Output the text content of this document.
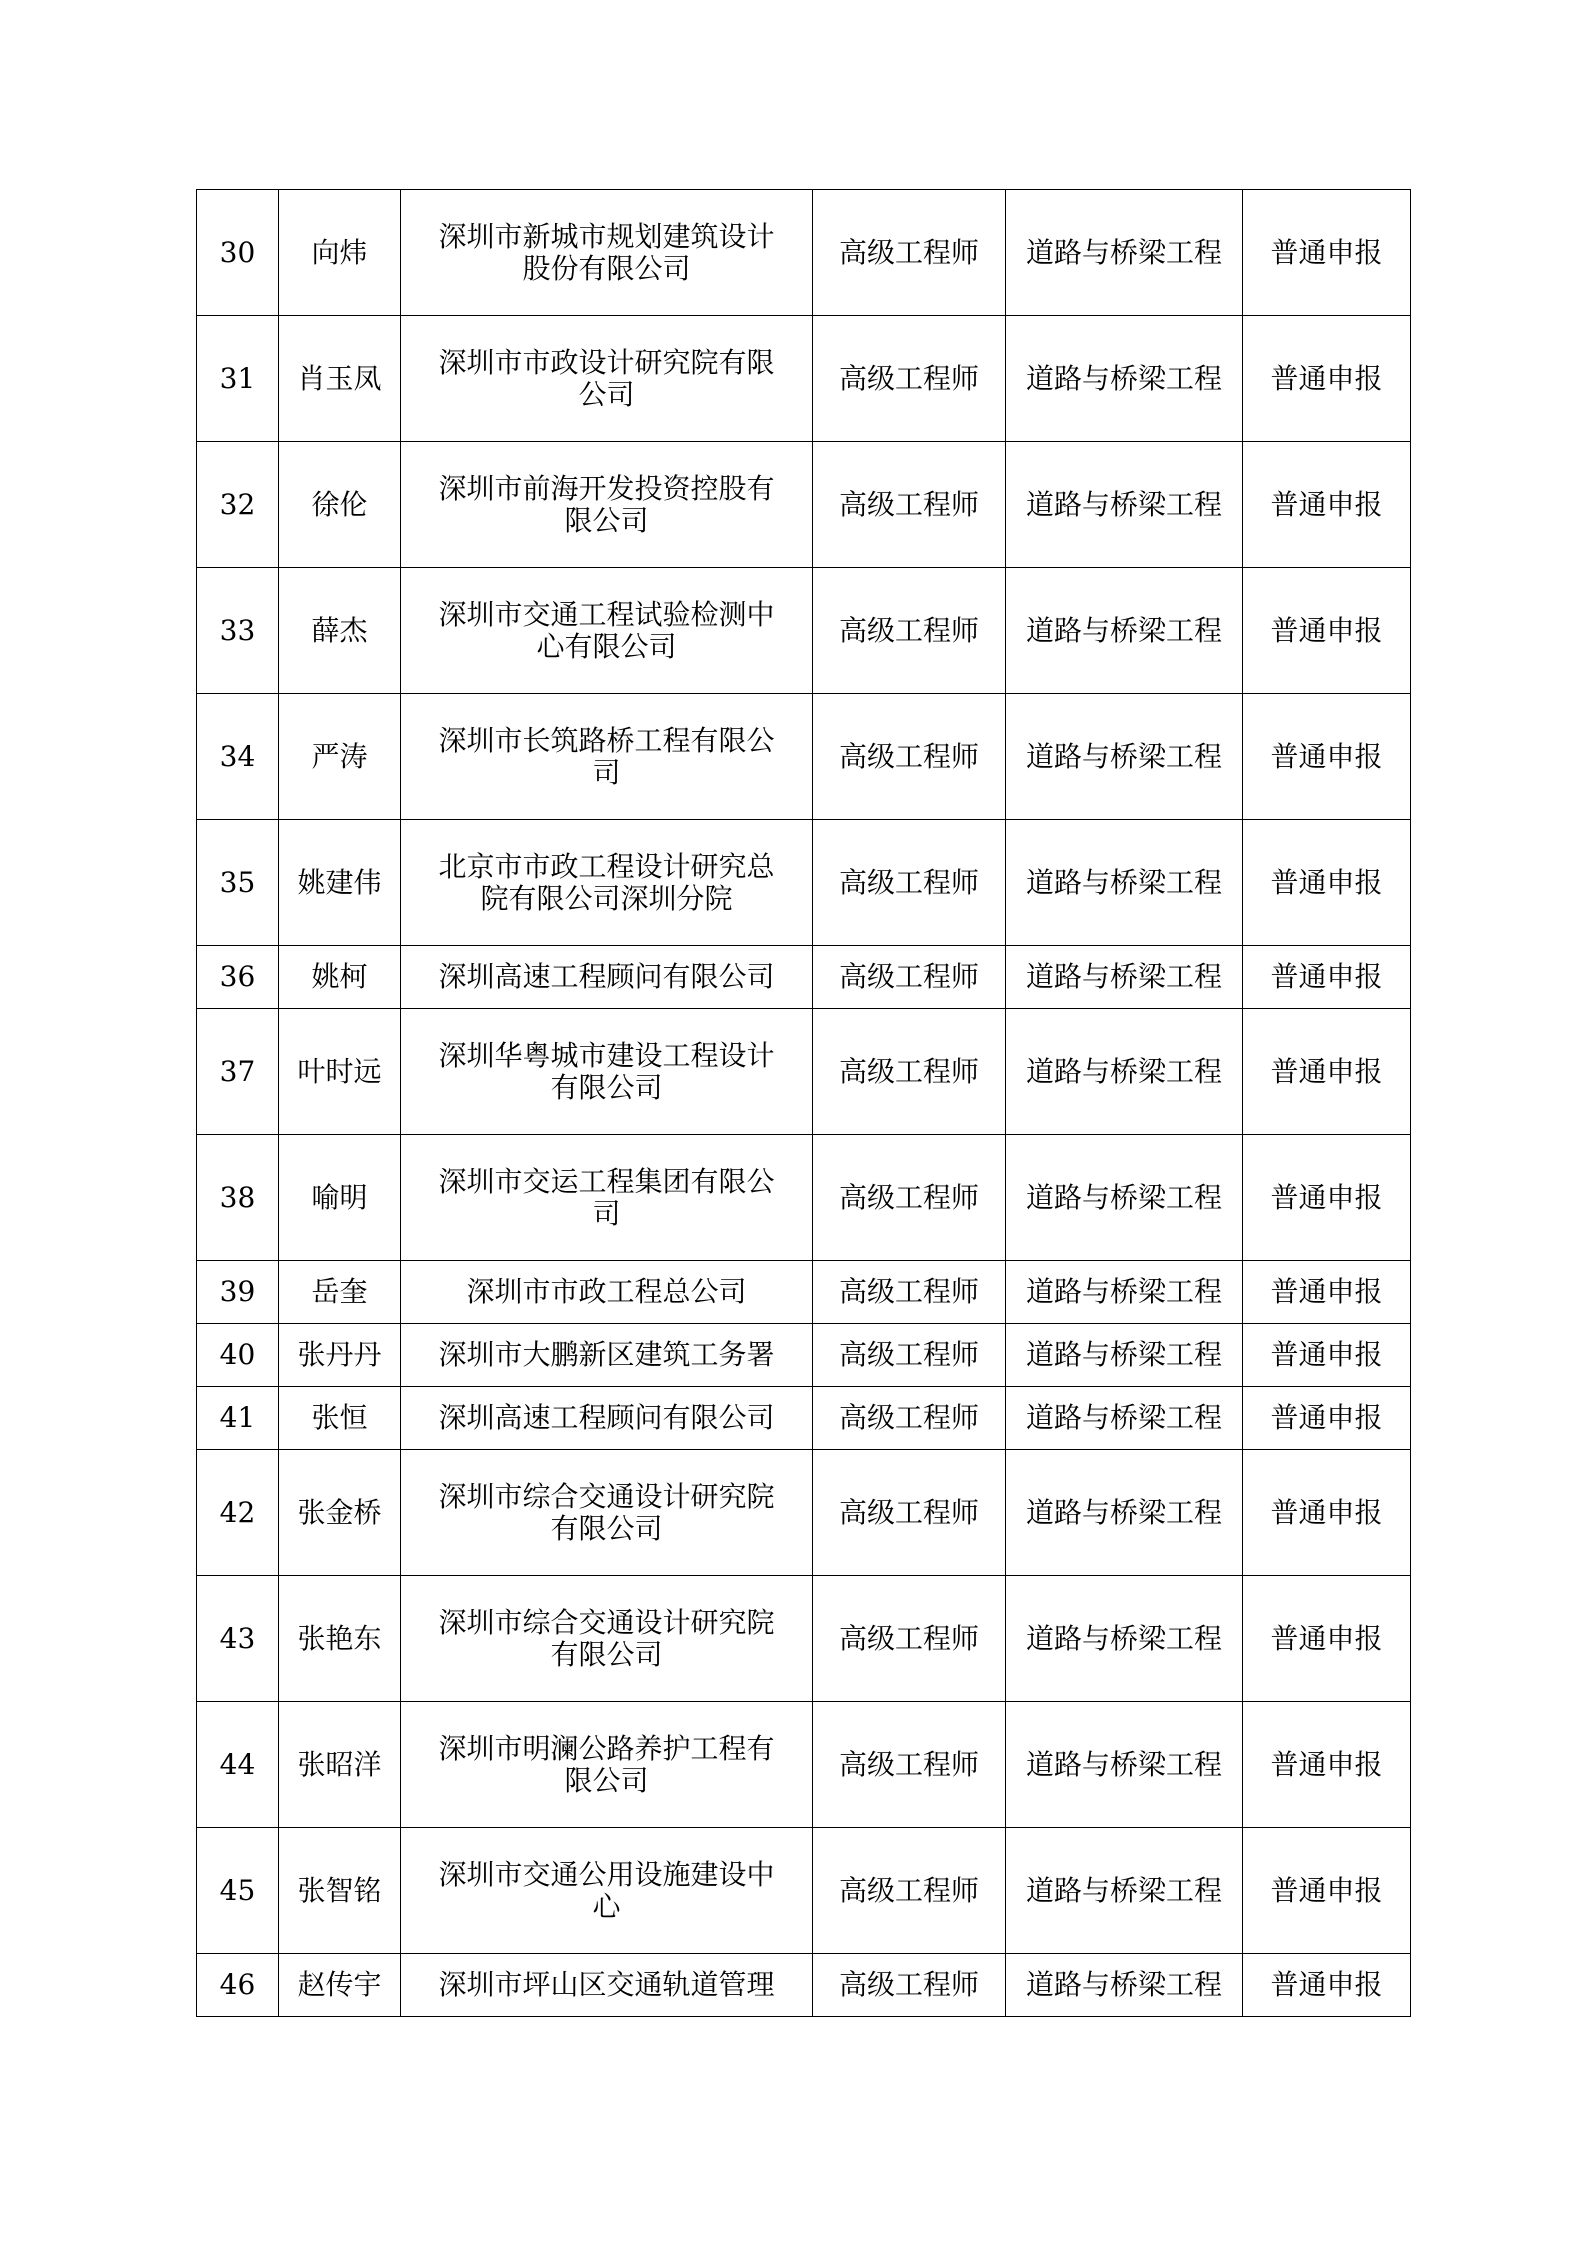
30	向炜	深圳市新城市规划建筑设计
股份有限公司	高级工程师	道路与桥梁工程	普通申报
31	肖玉凤	深圳市市政设计研究院有限
公司	高级工程师	道路与桥梁工程	普通申报
32	徐伦	深圳市前海开发投资控股有
限公司	高级工程师	道路与桥梁工程	普通申报
33	薛杰	深圳市交通工程试验检测中
心有限公司	高级工程师	道路与桥梁工程	普通申报
34	严涛	深圳市长筑路桥工程有限公
司	高级工程师	道路与桥梁工程	普通申报
35	姚建伟	北京市市政工程设计研究总
院有限公司深圳分院	高级工程师	道路与桥梁工程	普通申报
36	姚柯	深圳高速工程顾问有限公司	高级工程师	道路与桥梁工程	普通申报
37	叶时远	深圳华粤城市建设工程设计
有限公司	高级工程师	道路与桥梁工程	普通申报
38	喻明	深圳市交运工程集团有限公
司	高级工程师	道路与桥梁工程	普通申报
39	岳奎	深圳市市政工程总公司	高级工程师	道路与桥梁工程	普通申报
40	张丹丹	深圳市大鹏新区建筑工务署	高级工程师	道路与桥梁工程	普通申报
41	张恒	深圳高速工程顾问有限公司	高级工程师	道路与桥梁工程	普通申报
42	张金桥	深圳市综合交通设计研究院
有限公司	高级工程师	道路与桥梁工程	普通申报
43	张艳东	深圳市综合交通设计研究院
有限公司	高级工程师	道路与桥梁工程	普通申报
44	张昭洋	深圳市明澜公路养护工程有
限公司	高级工程师	道路与桥梁工程	普通申报
45	张智铭	深圳市交通公用设施建设中
心	高级工程师	道路与桥梁工程	普通申报
46	赵传宇	深圳市坪山区交通轨道管理	高级工程师	道路与桥梁工程	普通申报
